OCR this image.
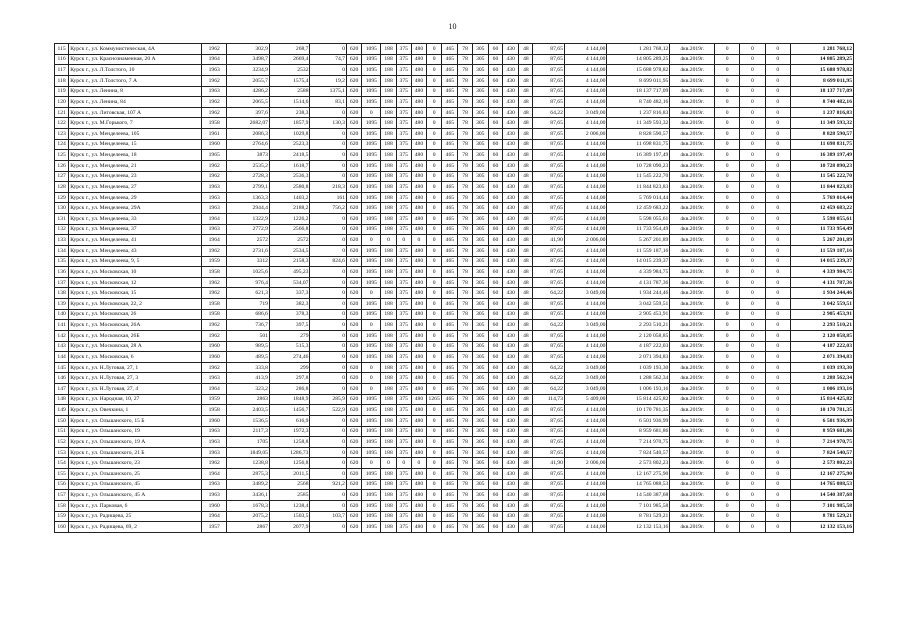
10
115	Курск г., ул. Коммунистическая, 4А	1962	302,9	268,7	0	620	1095	188	375	480	0	465	78	305	60	430	48	87,65	4 144,00	1 281 768,12	4кв.2019г.	0	0	0	1 281 768,12
116	Курск г., ул. Краснознаменная, 20 А	1964	3498,7	2669,4	74,7	620	1095	188	375	480	0	465	78	305	60	430	48	87,65	4 144,00	14 805 289,25	4кв.2019г.	0	0	0	14 805 289,25
117	Курск г., ул. Л.Толстого, 10	1963	3234,9	2532	0	620	1095	188	375	480	0	465	78	305	60	430	48	87,65	4 144,00	15 688 978,82	4кв.2019г.	0	0	0	15 688 978,82
118	Курск г., ул. Л.Толстого, 7 А	1962	2055,7	1575,4	19,2	620	1095	188	375	480	0	465	78	305	60	430	48	87,65	4 144,00	8 699 011,95	4кв.2019г.	0	0	0	8 699 011,95
119	Курск г., ул. Ленина, 8	1963	4286,2	2588	1375,1	620	1095	188	375	480	0	465	78	305	60	430	48	87,65	4 144,00	18 137 717,09	4кв.2019г.	0	0	0	18 137 717,09
120	Курск г., ул. Ленина, 84	1962	2065,5	1514,6	83,1	620	1095	188	375	480	0	465	78	305	60	430	48	87,65	4 144,00	8 740 482,16	4кв.2019г.	0	0	0	8 740 482,16
121	Курск г., ул. Литовская, 107 А	1962	397,6	238,3	0	620	0	188	375	480	0	465	78	305	60	430	48	64,22	3 049,00	1 237 816,83	4кв.2019г.	0	0	0	1 237 816,83
122	Курск г., ул. М.Горького, 7	1958	2682,07	1857,9	130,3	620	1095	188	375	480	0	465	78	305	60	430	48	87,65	4 144,00	11 349 593,32	4кв.2019г.	0	0	0	11 349 593,32
123	Курск г., ул. Менделеева, 105	1961	2086,3	1029,8	0	620	1095	188	375	480	0	465	78	305	60	430	48	87,65	2 006,00	8 828 590,57	4кв.2019г.	0	0	0	8 828 590,57
124	Курск г., ул. Менделеева, 15	1960	2764,6	2523,3	0	620	1095	188	375	480	0	465	78	305	60	430	48	87,65	4 144,00	11 698 831,75	4кв.2019г.	0	0	0	11 698 831,75
125	Курск г., ул. Менделеева, 18	1965	3873	2418,5	0	620	1095	188	375	480	0	465	78	305	60	430	48	87,65	4 144,00	16 389 197,49	4кв.2019г.	0	0	0	16 389 197,49
126	Курск г., ул. Менделеева, 21	1962	2535,2	1618,7	0	620	1095	188	375	480	0	465	78	305	60	430	48	87,65	4 144,00	10 728 090,23	4кв.2019г.	0	0	0	10 728 090,23
127	Курск г., ул. Менделеева, 23	1962	2728,3	2536,3	0	620	1095	188	375	480	0	465	78	305	60	430	48	87,65	4 144,00	11 545 222,70	4кв.2019г.	0	0	0	11 545 222,70
128	Курск г., ул. Менделеева, 27	1963	2799,1	2580,8	218,3	620	1095	188	375	480	0	465	78	305	60	430	48	87,65	4 144,00	11 844 823,83	4кв.2019г.	0	0	0	11 844 823,83
129	Курск г., ул. Менделеева, 29	1963	1363,3	1403,2	161	620	1095	188	375	480	0	465	78	305	60	430	48	87,65	4 144,00	5 769 014,44	4кв.2019г.	0	0	0	5 769 014,44
130	Курск г., ул. Менделеева, 29А	1963	2944,4	2188,2	756,2	620	1095	188	375	480	0	465	78	305	60	430	48	87,65	4 144,00	12 459 683,22	4кв.2019г.	0	0	0	12 459 683,22
131	Курск г., ул. Менделеева, 33	1964	1322,9	1226,2	0	620	1095	188	375	480	0	465	78	305	60	430	48	87,65	4 144,00	5 598 055,61	4кв.2019г.	0	0	0	5 598 055,61
132	Курск г., ул. Менделеева, 37	1963	2772,9	2566,8	0	620	1095	188	375	480	0	465	78	305	60	430	48	87,65	4 144,00	11 733 954,49	4кв.2019г.	0	0	0	11 733 954,49
133	Курск г., ул. Менделеева, 41	1964	2572	2572	0	620	0	0	0	0	0	465	78	305	60	430	48	41,90	2 006,00	5 267 201,89	4кв.2019г.	0	0	0	5 267 201,89
134	Курск г., ул. Менделеева, 43	1962	2731,6	2534,5	0	620	1095	188	375	480	0	465	78	305	60	430	48	87,65	4 144,00	11 559 187,16	4кв.2019г.	0	0	0	11 559 187,16
135	Курск г., ул. Менделеева, 9, 5	1959	3312	2158,3	824,6	620	1095	188	375	480	0	465	78	305	60	430	48	87,65	4 144,00	14 015 239,37	4кв.2019г.	0	0	0	14 015 239,37
136	Курск г., ул. Московская, 10	1958	1025,6	495,23	0	620	1095	188	375	480	0	465	78	305	60	430	48	87,65	4 144,00	4 339 984,75	4кв.2019г.	0	0	0	4 339 984,75
137	Курск г., ул. Московская, 12	1962	976,4	534,07	0	620	1095	188	375	480	0	465	78	305	60	430	48	87,65	4 144,00	4 131 787,36	4кв.2019г.	0	0	0	4 131 787,36
138	Курск г., ул. Московская, 15	1962	621,3	337,3	0	620	0	188	375	480	0	465	78	305	60	430	48	64,22	3 049,00	1 934 244,46	4кв.2019г.	0	0	0	1 934 244,46
139	Курск г., ул. Московская, 22, 2	1958	719	382,3	0	620	1095	188	375	480	0	465	78	305	60	430	48	87,65	4 144,00	3 042 559,51	4кв.2019г.	0	0	0	3 042 559,51
140	Курск г., ул. Московская, 26	1958	686,6	378,3	0	620	1095	188	375	480	0	465	78	305	60	430	48	87,65	4 144,00	2 905 453,91	4кв.2019г.	0	0	0	2 905 453,91
141	Курск г., ул. Московская, 26А	1962	736,7	397,5	0	620	0	188	375	480	0	465	78	305	60	430	48	64,22	3 049,00	2 293 510,21	4кв.2019г.	0	0	0	2 293 510,21
142	Курск г., ул. Московская, 26Б	1962	501	279	0	620	1095	188	375	480	0	465	78	305	60	430	48	87,65	4 144,00	2 120 058,85	4кв.2019г.	0	0	0	2 120 058,85
143	Курск г., ул. Московская, 28 А	1960	989,5	515,3	0	620	1095	188	375	480	0	465	78	305	60	430	48	87,65	4 144,00	4 187 222,03	4кв.2019г.	0	0	0	4 187 222,03
144	Курск г., ул. Московская, 6	1960	489,5	274,46	0	620	1095	188	375	480	0	465	78	305	60	430	48	87,65	4 144,00	2 071 394,83	4кв.2019г.	0	0	0	2 071 394,83
145	Курск г., ул. Н.Луговая, 27, 1	1962	333,8	299	0	620	0	188	375	480	0	465	78	305	60	430	48	64,22	3 049,00	1 039 193,30	4кв.2019г.	0	0	0	1 039 193,30
146	Курск г., ул. Н.Луговая, 27, 3	1963	413,9	297,8	0	620	0	188	375	480	0	465	78	305	60	430	48	64,22	3 049,00	1 288 562,34	4кв.2019г.	0	0	0	1 288 562,34
147	Курск г., ул. Н.Луговая, 27, 4	1964	323,2	286,8	0	620	0	188	375	480	0	465	78	305	60	430	48	64,22	3 049,00	1 006 193,16	4кв.2019г.	0	0	0	1 006 193,16
148	Курск г., ул. Народная, 10, 27	1959	2863	1848,9	285,9	620	1095	188	375	480	1265	465	78	305	60	430	48	114,73	5 409,00	15 814 425,82	4кв.2019г.	0	0	0	15 814 425,82
149	Курск г., ул. Овечкина, 1	1958	2403,5	1456,7	522,9	620	1095	188	375	480	0	465	78	305	60	430	48	87,65	4 144,00	10 170 781,35	4кв.2019г.	0	0	0	10 170 781,35
150	Курск г., ул. Ольшанского, 15 Б	1960	1536,5	616,9	0	620	1095	188	375	480	0	465	78	305	60	430	48	87,65	4 144,00	6 501 936,99	4кв.2019г.	0	0	0	6 501 936,99
151	Курск г., ул. Ольшанского, 19	1963	2117,3	1972,3	0	620	1095	188	375	480	0	465	78	305	60	430	48	87,65	4 144,00	8 959 681,86	4кв.2019г.	0	0	0	8 959 681,86
152	Курск г., ул. Ольшанского, 19 А	1963	1705	1258,8	0	620	1095	188	375	480	0	465	78	305	60	430	48	87,65	4 144,00	7 214 970,75	4кв.2019г.	0	0	0	7 214 970,75
153	Курск г., ул. Ольшанского, 21 Б	1963	1849,05	1286,73	0	620	1095	188	375	480	0	465	78	305	60	430	48	87,65	4 144,00	7 824 540,57	4кв.2019г.	0	0	0	7 824 540,57
154	Курск г., ул. Ольшанского, 23	1962	1238,8	1256,8	0	620	0	0	0	0	0	465	78	305	60	430	48	41,90	2 006,00	2 573 802,23	4кв.2019г.	0	0	0	2 573 802,23
155	Курск г., ул. Ольшанского, 25	1964	2875,3	2011,5	0	620	1095	188	375	480	0	465	78	305	60	430	48	87,65	4 144,00	12 167 275,90	4кв.2019г.	0	0	0	12 167 275,90
156	Курск г., ул. Ольшанского, 45	1963	3489,2	2568	921,2	620	1095	188	375	480	0	465	78	305	60	430	48	87,65	4 144,00	14 765 088,53	4кв.2019г.	0	0	0	14 765 088,53
157	Курск г., ул. Ольшанского, 45 А	1963	3436,1	2585	0	620	1095	188	375	480	0	465	78	305	60	430	48	87,65	4 144,00	14 540 387,68	4кв.2019г.	0	0	0	14 540 387,68
158	Курск г., ул. Парковая, 6	1960	1678,3	1238,4	0	620	1095	188	375	480	0	465	78	305	60	430	48	87,65	4 144,00	7 101 985,58	4кв.2019г.	0	0	0	7 101 985,58
159	Курск г., ул. Радищева, 25	1964	2075,2	1503,5	103,7	620	1095	188	375	480	0	465	78	305	60	430	48	87,65	4 144,00	8 781 529,21	4кв.2019г.	0	0	0	8 781 529,21
160	Курск г., ул. Радищева, 69, 2	1957	2867	2077,9	0	620	1095	188	375	480	0	465	78	305	60	430	48	87,65	4 144,00	12 132 153,16	4кв.2019г.	0	0	0	12 132 153,16
